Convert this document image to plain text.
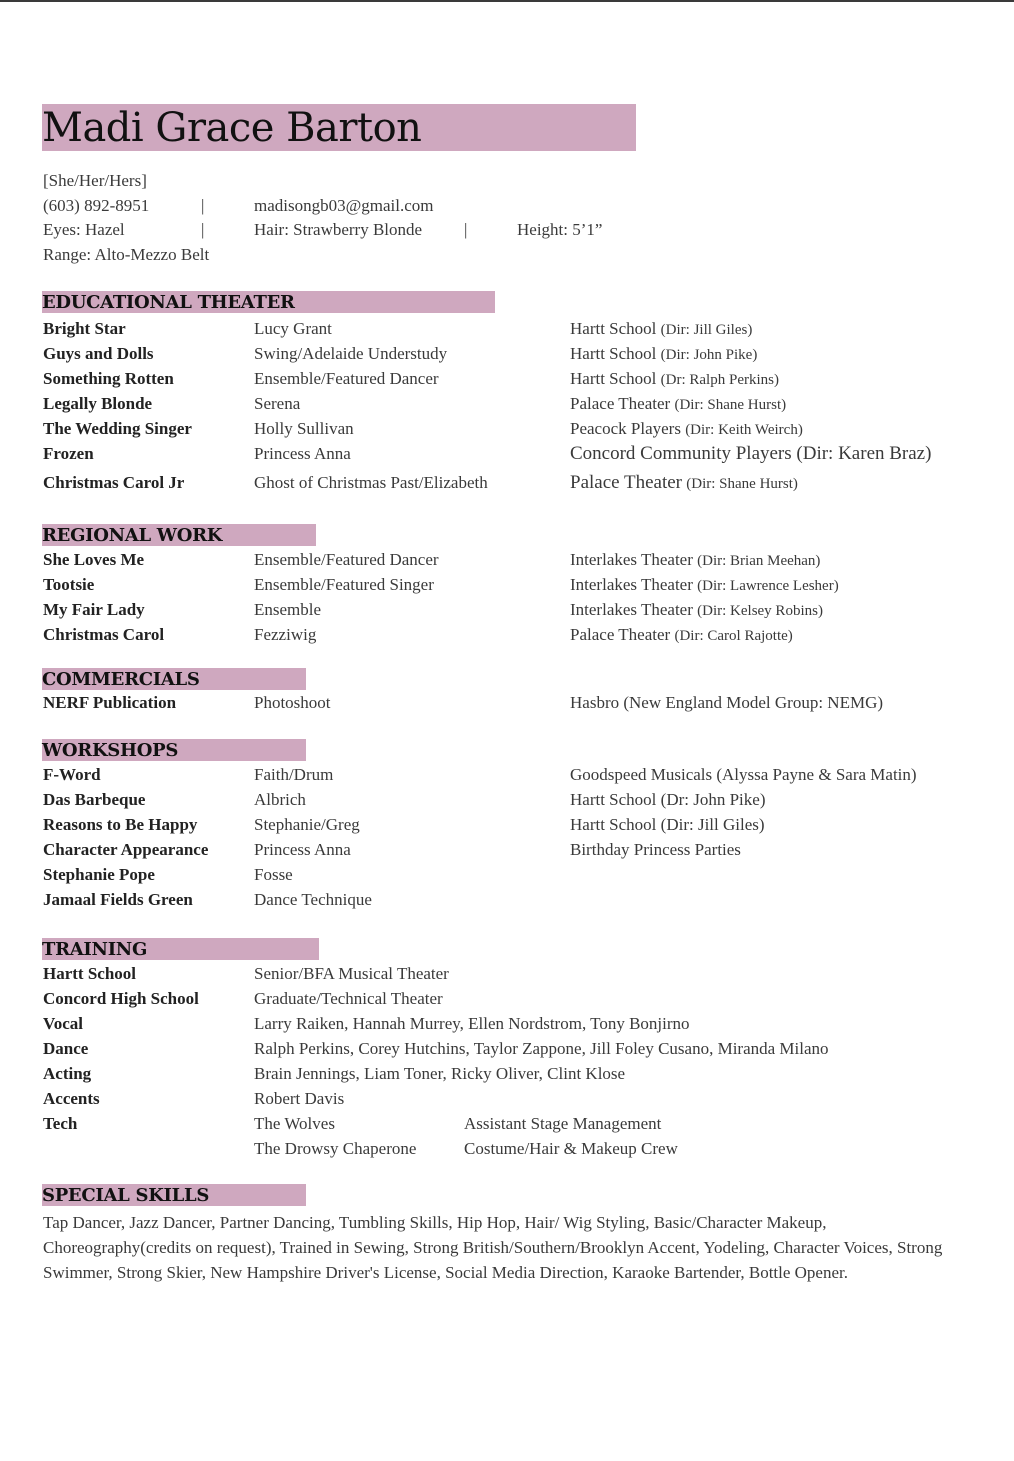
Madi Grace Barton
[She/Her/Hers]
(603) 892-8951	|	madisongb03@gmail.com
Eyes: Hazel	|	Hair: Strawberry Blonde |	Height: 5’1”
Range: Alto-Mezzo Belt
EDUCATIONAL THEATER
Bright Star	Lucy Grant	Hartt School (Dir: Jill Giles)
Guys and Dolls	Swing/Adelaide Understudy	Hartt School (Dir: John Pike)
Something Rotten	Ensemble/Featured Dancer	Hartt School (Dr: Ralph Perkins)
Legally Blonde	Serena	Palace Theater (Dir: Shane Hurst)
The Wedding Singer	Holly Sullivan	Peacock Players (Dir: Keith Weirch)
Frozen	Princess Anna	Concord Community Players (Dir: Karen Braz)
Christmas Carol Jr	Ghost of Christmas Past/Elizabeth	Palace Theater (Dir: Shane Hurst)
REGIONAL WORK
She Loves Me	Ensemble/Featured Dancer	Interlakes Theater (Dir: Brian Meehan)
Tootsie	Ensemble/Featured Singer	Interlakes Theater (Dir: Lawrence Lesher)
My Fair Lady	Ensemble	Interlakes Theater (Dir: Kelsey Robins)
Christmas Carol	Fezziwig	Palace Theater (Dir: Carol Rajotte)
COMMERCIALS
NERF Publication	Photoshoot	Hasbro (New England Model Group: NEMG)
WORKSHOPS
F-Word	Faith/Drum	Goodspeed Musicals (Alyssa Payne & Sara Matin)
Das Barbeque	Albrich	Hartt School (Dr: John Pike)
Reasons to Be Happy	Stephanie/Greg	Hartt School (Dir: Jill Giles)
Character Appearance	Princess Anna	Birthday Princess Parties
Stephanie Pope	Fosse
Jamaal Fields Green	Dance Technique
TRAINING
Hartt School	Senior/BFA Musical Theater
Concord High School	Graduate/Technical Theater
Vocal	Larry Raiken, Hannah Murrey, Ellen Nordstrom, Tony Bonjirno
Dance	Ralph Perkins, Corey Hutchins, Taylor Zappone, Jill Foley Cusano, Miranda Milano
Acting	Brain Jennings, Liam Toner, Ricky Oliver, Clint Klose
Accents	Robert Davis
Tech	The Wolves	Assistant Stage Management
The Drowsy Chaperone	Costume/Hair & Makeup Crew
SPECIAL SKILLS
Tap Dancer, Jazz Dancer, Partner Dancing, Tumbling Skills, Hip Hop, Hair/ Wig Styling, Basic/Character Makeup, Choreography(credits on request), Trained in Sewing, Strong British/Southern/Brooklyn Accent, Yodeling, Character Voices, Strong Swimmer, Strong Skier, New Hampshire Driver's License, Social Media Direction, Karaoke Bartender, Bottle Opener.
